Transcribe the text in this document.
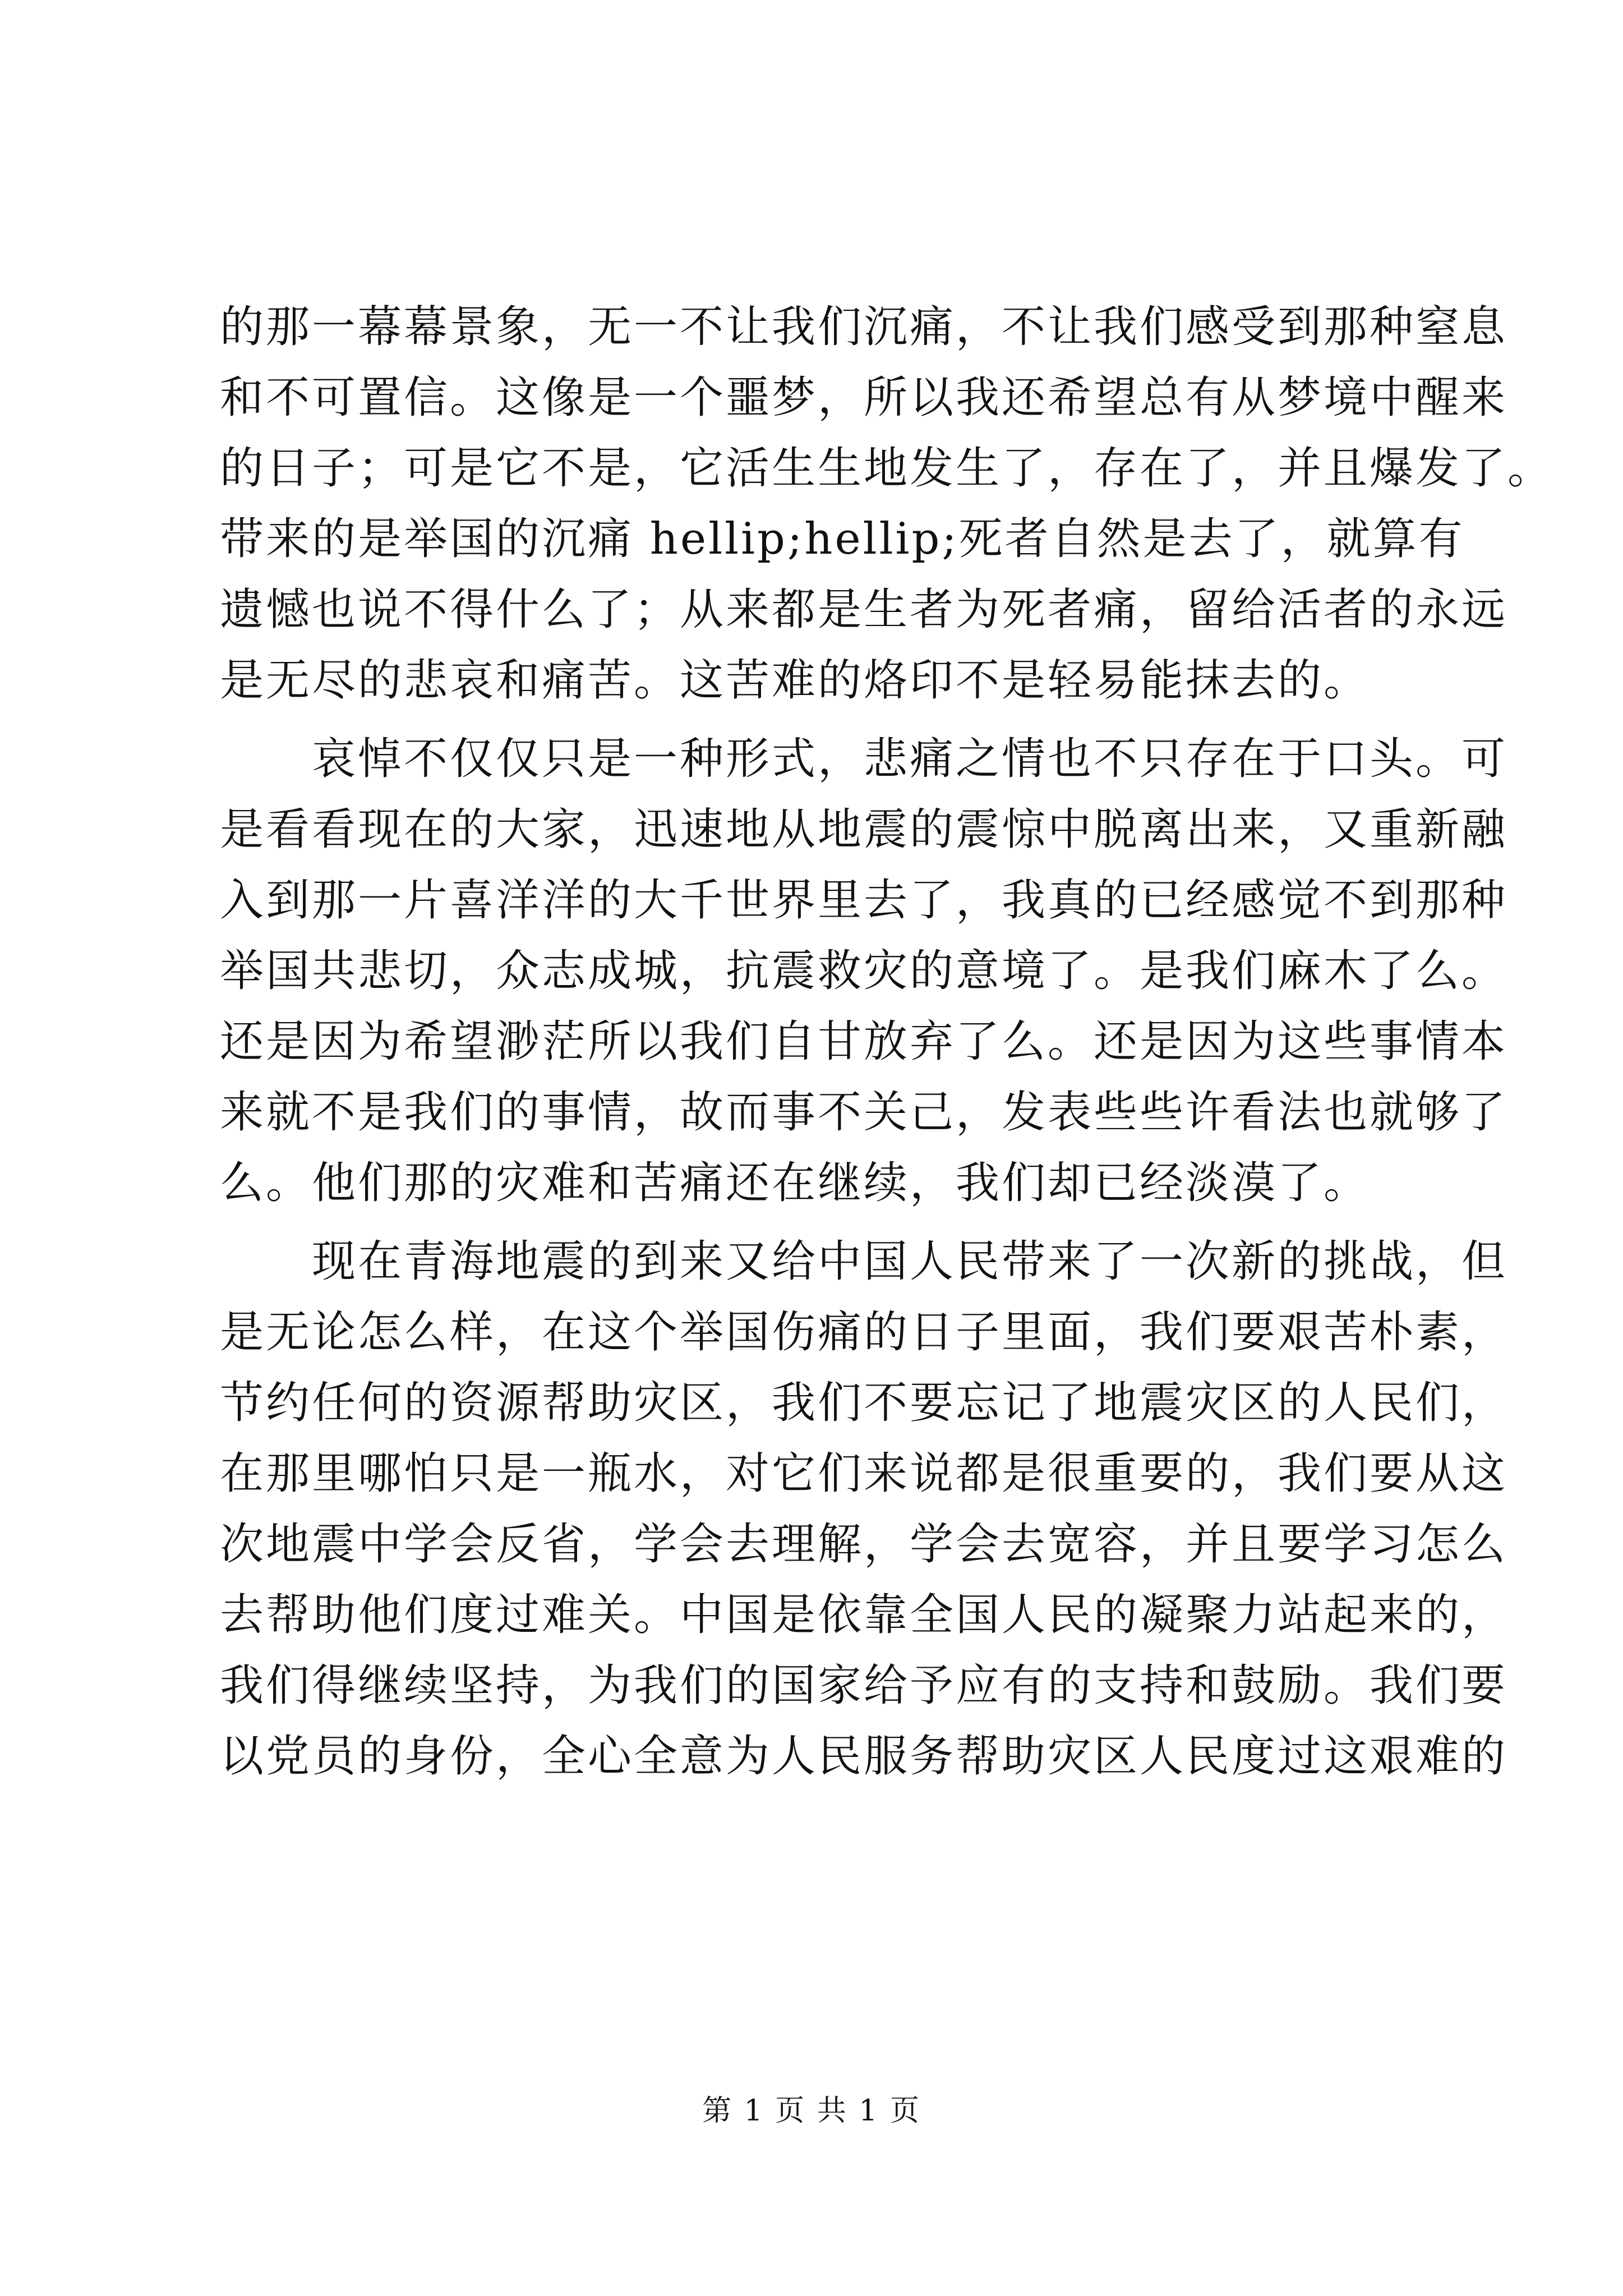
的那一幕幕景象，无一不让我们沉痛，不让我们感受到那种窒息
和不可置信。这像是一个噩梦，所以我还希望总有从梦境中醒来
的日子；可是它不是，它活生生地发生了，存在了，并且爆发了。
带来的是举国的沉痛 hellip;hellip;死者自然是去了，就算有
遗憾也说不得什么了；从来都是生者为死者痛，留给活者的永远
是无尽的悲哀和痛苦。这苦难的烙印不是轻易能抹去的。
哀悼不仅仅只是一种形式，悲痛之情也不只存在于口头。可
是看看现在的大家，迅速地从地震的震惊中脱离出来，又重新融
入到那一片喜洋洋的大千世界里去了，我真的已经感觉不到那种
举国共悲切，众志成城，抗震救灾的意境了。是我们麻木了么。
还是因为希望渺茫所以我们自甘放弃了么。还是因为这些事情本
来就不是我们的事情，故而事不关己，发表些些许看法也就够了
么。他们那的灾难和苦痛还在继续，我们却已经淡漠了。
现在青海地震的到来又给中国人民带来了一次新的挑战，但
是无论怎么样，在这个举国伤痛的日子里面，我们要艰苦朴素，
节约任何的资源帮助灾区，我们不要忘记了地震灾区的人民们，
在那里哪怕只是一瓶水，对它们来说都是很重要的，我们要从这
次地震中学会反省，学会去理解，学会去宽容，并且要学习怎么
去帮助他们度过难关。中国是依靠全国人民的凝聚力站起来的，
我们得继续坚持，为我们的国家给予应有的支持和鼓励。我们要
以党员的身份，全心全意为人民服务帮助灾区人民度过这艰难的
第 1 页 共 1 页
